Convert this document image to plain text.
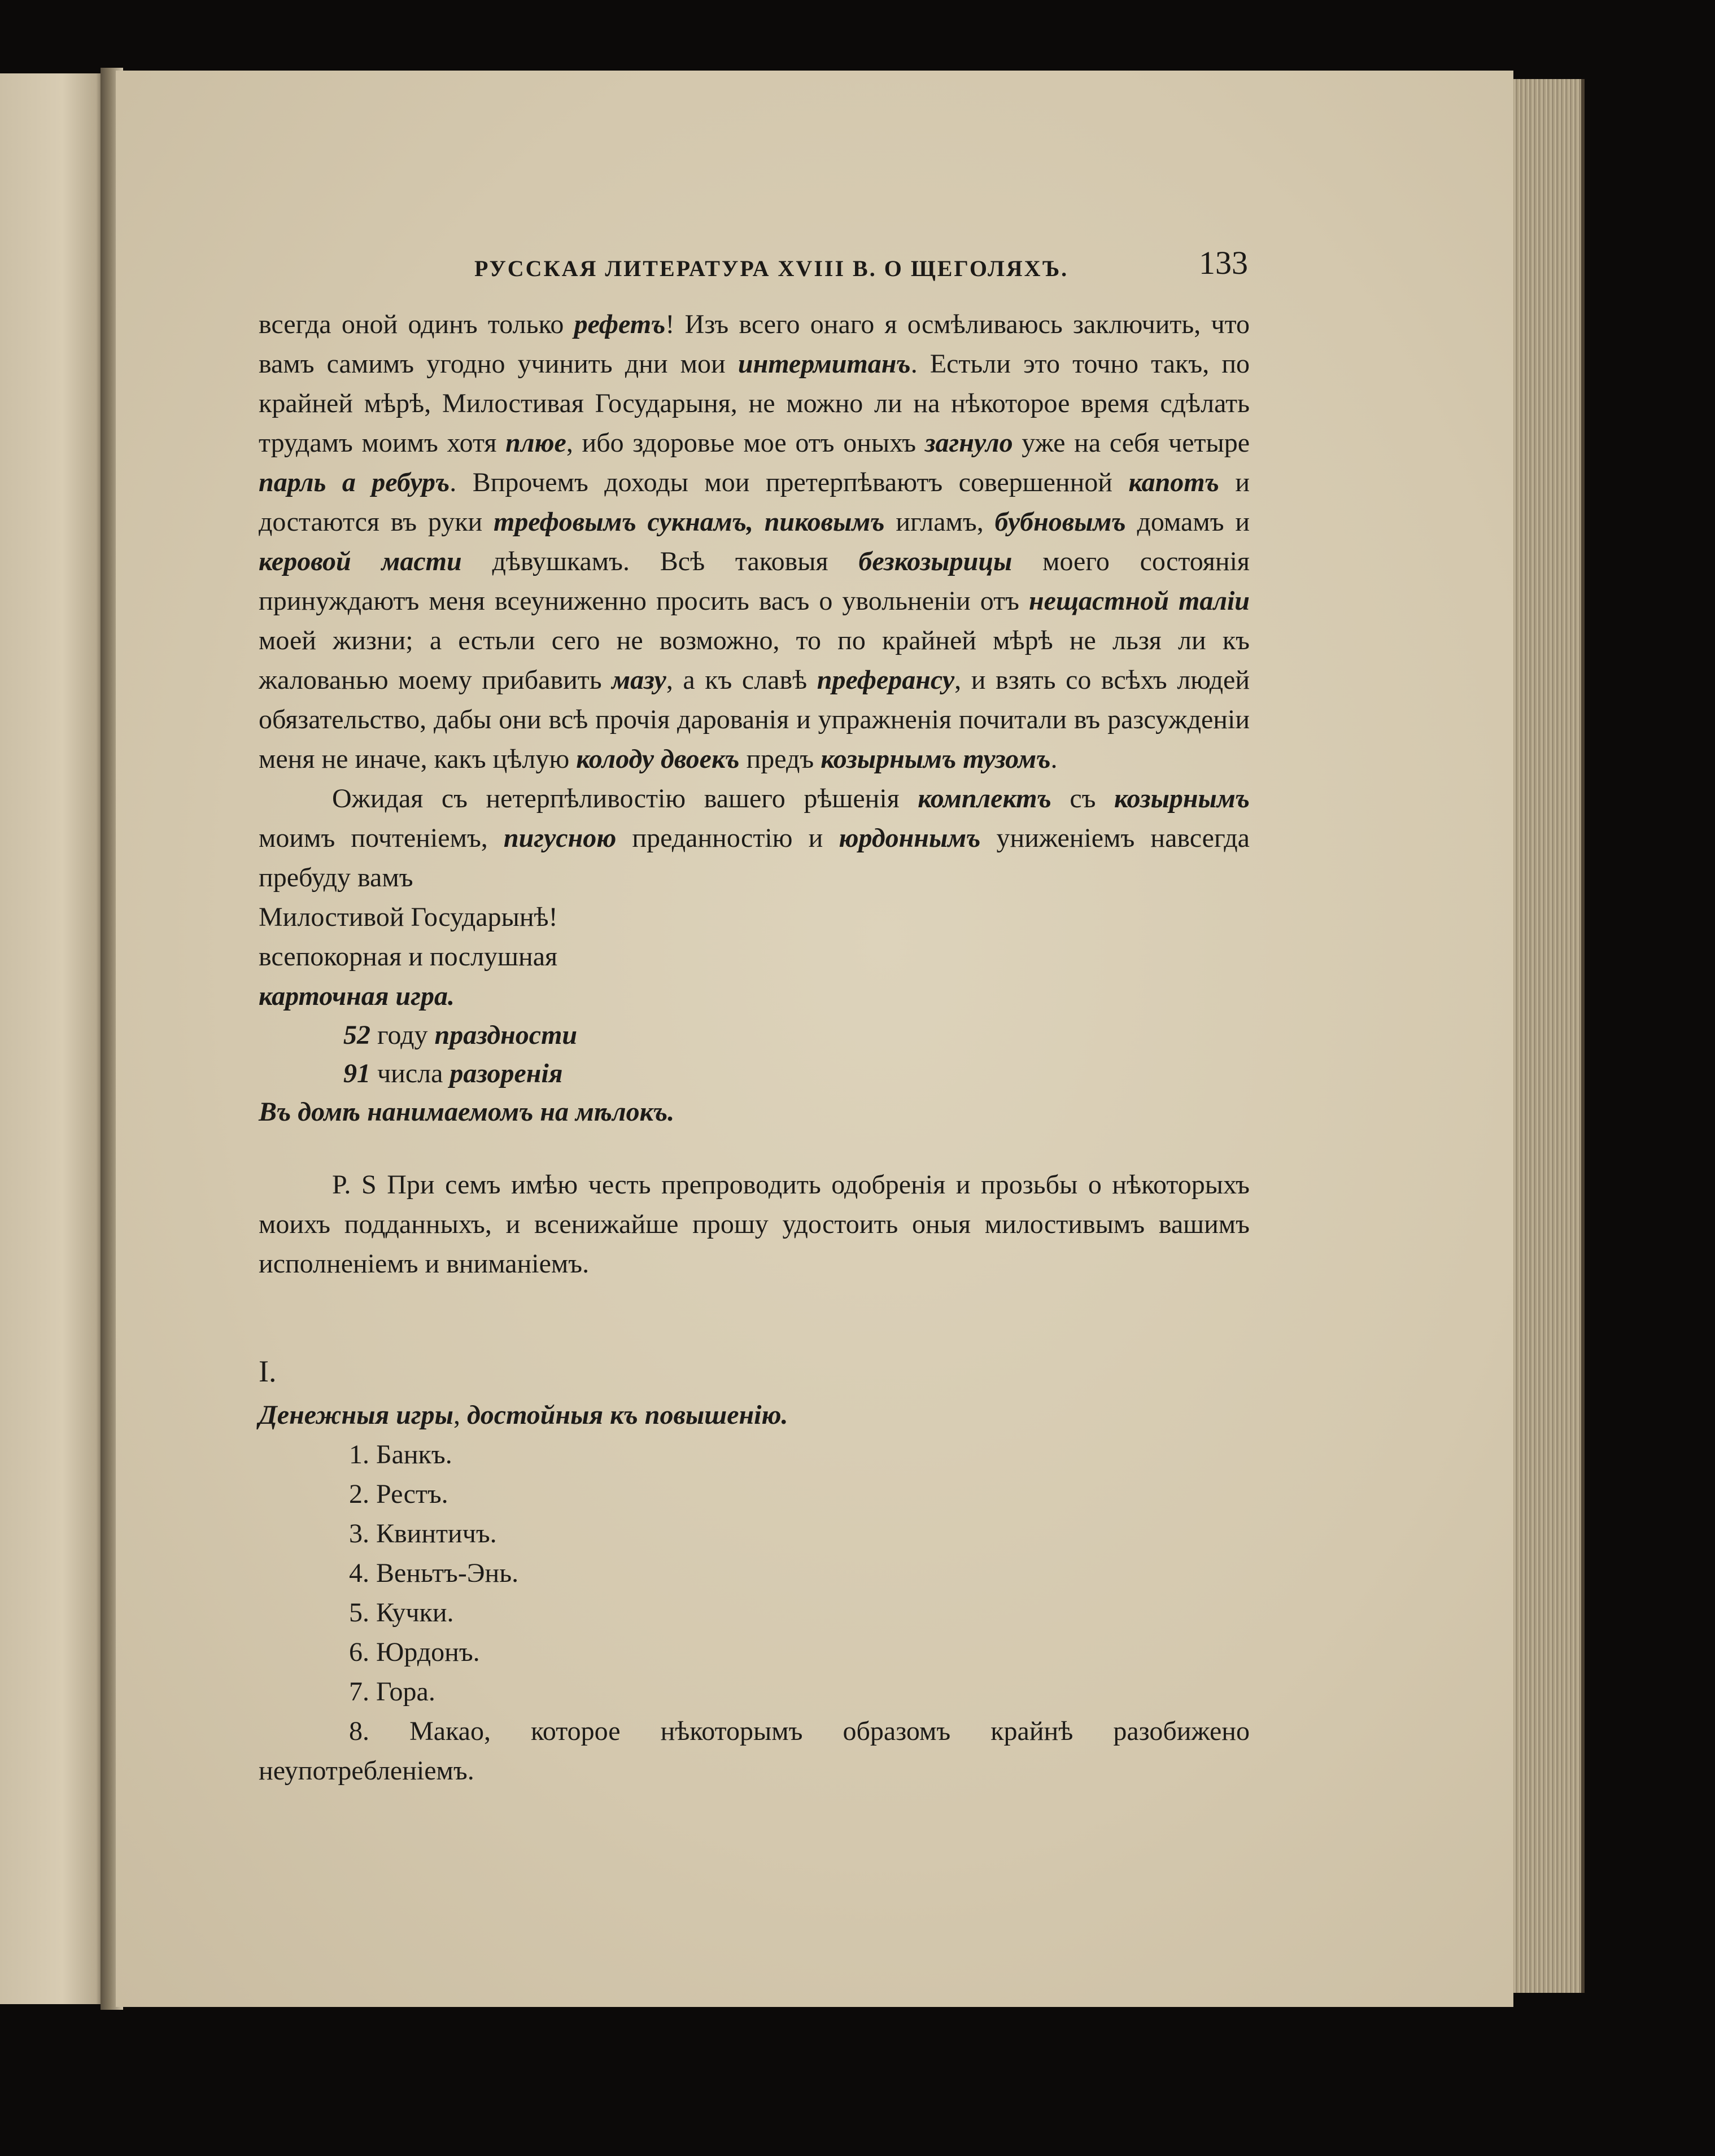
РУССКАЯ ЛИТЕРАТУРА XVIII В. О ЩЕГОЛЯХЪ.	133

всегда оной одинъ только рефетъ! Изъ всего онаго я осмѣливаюсь заключить, что вамъ самимъ угодно учинить дни мои интермитанъ. Естьли это точно такъ, по крайней мѣрѣ, Милостивая Государыня, не можно ли на нѣкоторое время сдѣлать трудамъ моимъ хотя плюе, ибо здоровье мое отъ оныхъ загнуло уже на себя четыре парль а ребуръ. Впрочемъ доходы мои претерпѣваютъ совершенной капотъ и достаются въ руки трефовымъ сукнамъ, пиковымъ игламъ, бубновымъ домамъ и керовой масти дѣвушкамъ. Всѣ таковыя безкозырицы моего состоянія принуждаютъ меня всеуниженно просить васъ о увольненіи отъ нещастной таліи моей жизни; а естьли сего не возможно, то по крайней мѣрѣ не льзя ли къ жалованью моему прибавить мазу, а къ славѣ преферансу, и взять со всѣхъ людей обязательство, дабы они всѣ прочія дарованія и упражненія почитали въ разсужденіи меня не иначе, какъ цѣлую колоду двоекъ предъ козырнымъ тузомъ.

Ожидая съ нетерпѣливостію вашего рѣшенія комплектъ съ козырнымъ моимъ почтеніемъ, пигусною преданностію и юрдоннымъ униженіемъ навсегда пребуду вамъ

Милостивой Государынѣ!

всепокорная и послушная

карточная игра.

52 году праздности

91 числа разоренія

Въ домѣ нанимаемомъ на мѣлокъ.

P. S При семъ имѣю честь препроводить одобренія и прозьбы о нѣкоторыхъ моихъ подданныхъ, и всенижайше прошу удостоить оныя милостивымъ вашимъ исполненіемъ и вниманіемъ.

I.

Денежныя игры, достойныя къ повышенію.

1. Банкъ.
2. Рестъ.
3. Квинтичъ.
4. Веньтъ-Энь.
5. Кучки.
6. Юрдонъ.
7. Гора.
8. Макао, которое нѣкоторымъ образомъ крайнѣ разобижено неупотребленіемъ.
